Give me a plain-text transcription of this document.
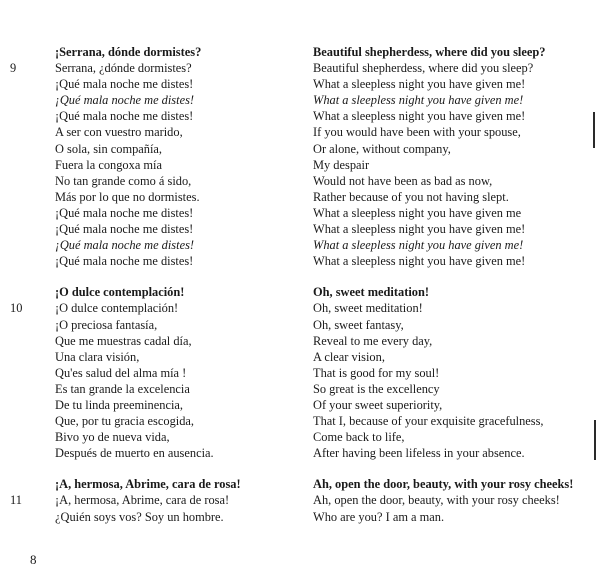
¡Serrana, dónde dormistes?
Serrana, ¿dónde dormistes?
¡Qué mala noche me distes!
¡Qué mala noche me distes!
¡Qué mala noche me distes!
A ser con vuestro marido,
O sola, sin compañía,
Fuera la congoxa mía
No tan grande como á sido,
Más por lo que no dormistes.
¡Qué mala noche me distes!
¡Qué mala noche me distes!
¡Qué mala noche me distes!
¡Qué mala noche me distes!
9
¡O dulce contemplación!
¡O dulce contemplación!
¡O preciosa fantasía,
Que me muestras cadal día,
Una clara visión,
Qu'es salud del alma mía !
Es tan grande la excelencia
De tu linda preeminencia,
Que, por tu gracia escogida,
Bivo yo de nueva vida,
Después de muerto en ausencia.
10
¡A, hermosa, Abrime, cara de rosa!
¡A, hermosa, Abrime, cara de rosa!
¿Quién soys vos? Soy un hombre.
11
Beautiful shepherdess, where did you sleep?
Beautiful shepherdess, where did you sleep?
What a sleepless night you have given me!
What a sleepless night you have given me!
What a sleepless night you have given me!
If you would have been with your spouse,
Or alone, without company,
My despair
Would not have been as bad as now,
Rather because of you not having slept.
What a sleepless night you have given me
What a sleepless night you have given me!
What a sleepless night you have given me!
What a sleepless night you have given me!
Oh, sweet meditation!
Oh, sweet meditation!
Oh, sweet fantasy,
Reveal to me every day,
A clear vision,
That is good for my soul!
So great is the excellency
Of your sweet superiority,
That I, because of your exquisite gracefulness,
Come back to life,
After having been lifeless in your absence.
Ah, open the door, beauty, with your rosy cheeks!
Ah, open the door, beauty, with your rosy cheeks!
Who are you? I am a man.
8
